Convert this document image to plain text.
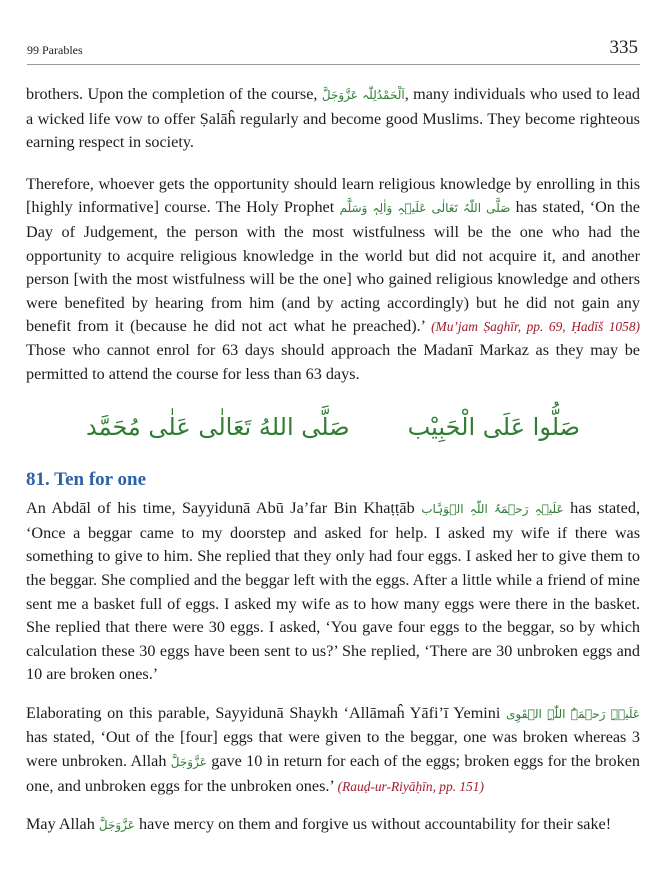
99 Parables	335

brothers. Upon the completion of the course, اَلْحَمْدُلِلّٰہ عَزَّوَجَلَّ, many individuals who used to lead a wicked life vow to offer Ṣalāĥ regularly and become good Muslims. They become righteous earning respect in society.

Therefore, whoever gets the opportunity should learn religious knowledge by enrolling in this [highly informative] course. The Holy Prophet صَلَّی اللّٰہُ تَعَالٰی عَلَیۡہِ وَاٰلِہٖ وَسَلَّم has stated, ‘On the Day of Judgement, the person with the most wistfulness will be the one who had the opportunity to acquire religious knowledge in the world but did not acquire it, and another person [with the most wistfulness will be the one] who gained religious knowledge and others were benefited by hearing from him (and by acting accordingly) but he did not gain any benefit from it (because he did not act what he preached).’ (Mu’jam Ṣaghīr, pp. 69, Ḥadīš 1058) Those who cannot enrol for 63 days should approach the Madanī Markaz as they may be permitted to attend the course for less than 63 days.

صَلُّوا عَلَى الْحَبِيْب
صَلَّى اللهُ تَعَالٰى عَلٰى مُحَمَّد
81. Ten for one

An Abdāl of his time, Sayyidunā Abū Ja’far Bin Khaṭṭāb عَلَیۡہِ رَحۡمَۃُ اللّٰہِ الۡوَہَّاب has stated, ‘Once a beggar came to my doorstep and asked for help. I asked my wife if there was something to give to him. She replied that they only had four eggs. I asked her to give them to the beggar. She complied and the beggar left with the eggs. After a little while a friend of mine sent me a basket full of eggs. I asked my wife as to how many eggs were there in the basket. She replied that there were 30 eggs. I asked, ‘You gave four eggs to the beggar, so by which calculation these 30 eggs have been sent to us?’ She replied, ‘There are 30 unbroken eggs and 10 are broken ones.’

Elaborating on this parable, Sayyidunā Shaykh ‘Allāmaĥ Yāfi’ī Yemini عَلَیۡہِ رَحۡمَۃُ اللّٰہِ الۡقَوِی has stated, ‘Out of the [four] eggs that were given to the beggar, one was broken whereas 3 were unbroken. Allah عَزَّوَجَلَّ gave 10 in return for each of the eggs; broken eggs for the broken one, and unbroken eggs for the unbroken ones.’ (Rauḍ-ur-Riyāḥīn, pp. 151)

May Allah عَزَّوَجَلَّ have mercy on them and forgive us without accountability for their sake!
